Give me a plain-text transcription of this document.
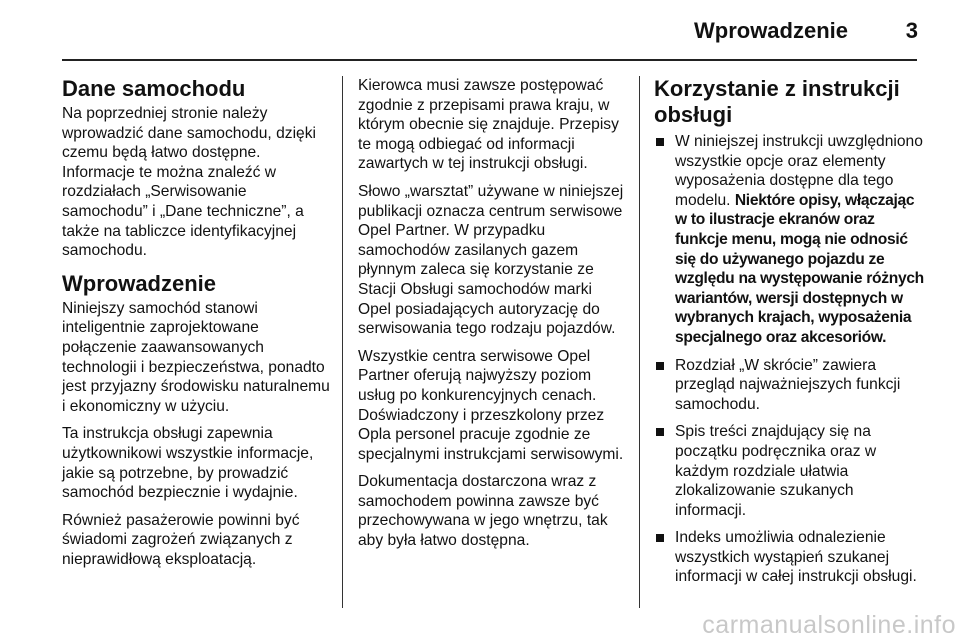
Wprowadzenie	3
Dane samochodu

Na poprzedniej stronie należy wprowadzić dane samochodu, dzięki czemu będą łatwo dostępne. Informacje te można znaleźć w rozdziałach „Serwisowanie samochodu” i „Dane techniczne”, a także na tabliczce identyfikacyjnej samochodu.

Wprowadzenie

Niniejszy samochód stanowi inteligentnie zaprojektowane połączenie zaawansowanych technologii i bezpieczeństwa, ponadto jest przyjazny środowisku naturalnemu i ekonomiczny w użyciu.

Ta instrukcja obsługi zapewnia użytkownikowi wszystkie informacje, jakie są potrzebne, by prowadzić samochód bezpiecznie i wydajnie.

Również pasażerowie powinni być świadomi zagrożeń związanych z nieprawidłową eksploatacją.

Kierowca musi zawsze postępować zgodnie z przepisami prawa kraju, w którym obecnie się znajduje. Przepisy te mogą odbiegać od informacji zawartych w tej instrukcji obsługi.

Słowo „warsztat” używane w niniejszej publikacji oznacza centrum serwisowe Opel Partner. W przypadku samochodów zasilanych gazem płynnym zaleca się korzystanie ze Stacji Obsługi samochodów marki Opel posiadających autoryzację do serwisowania tego rodzaju pojazdów.

Wszystkie centra serwisowe Opel Partner oferują najwyższy poziom usług po konkurencyjnych cenach. Doświadczony i przeszkolony przez Opla personel pracuje zgodnie ze specjalnymi instrukcjami serwisowymi.

Dokumentacja dostarczona wraz z samochodem powinna zawsze być przechowywana w jego wnętrzu, tak aby była łatwo dostępna.

Korzystanie z instrukcji obsługi
W niniejszej instrukcji uwzględniono wszystkie opcje oraz elementy wyposażenia dostępne dla tego modelu. Niektóre opisy, włączając w to ilustracje ekranów oraz funkcje menu, mogą nie odnosić się do używanego pojazdu ze względu na występowanie różnych wariantów, wersji dostępnych w wybranych krajach, wyposażenia specjalnego oraz akcesoriów.
Rozdział „W skrócie” zawiera przegląd najważniejszych funkcji samochodu.
Spis treści znajdujący się na początku podręcznika oraz w każdym rozdziale ułatwia zlokalizowanie szukanych informacji.
Indeks umożliwia odnalezienie wszystkich wystąpień szukanej informacji w całej instrukcji obsługi.
carmanualsonline.info
